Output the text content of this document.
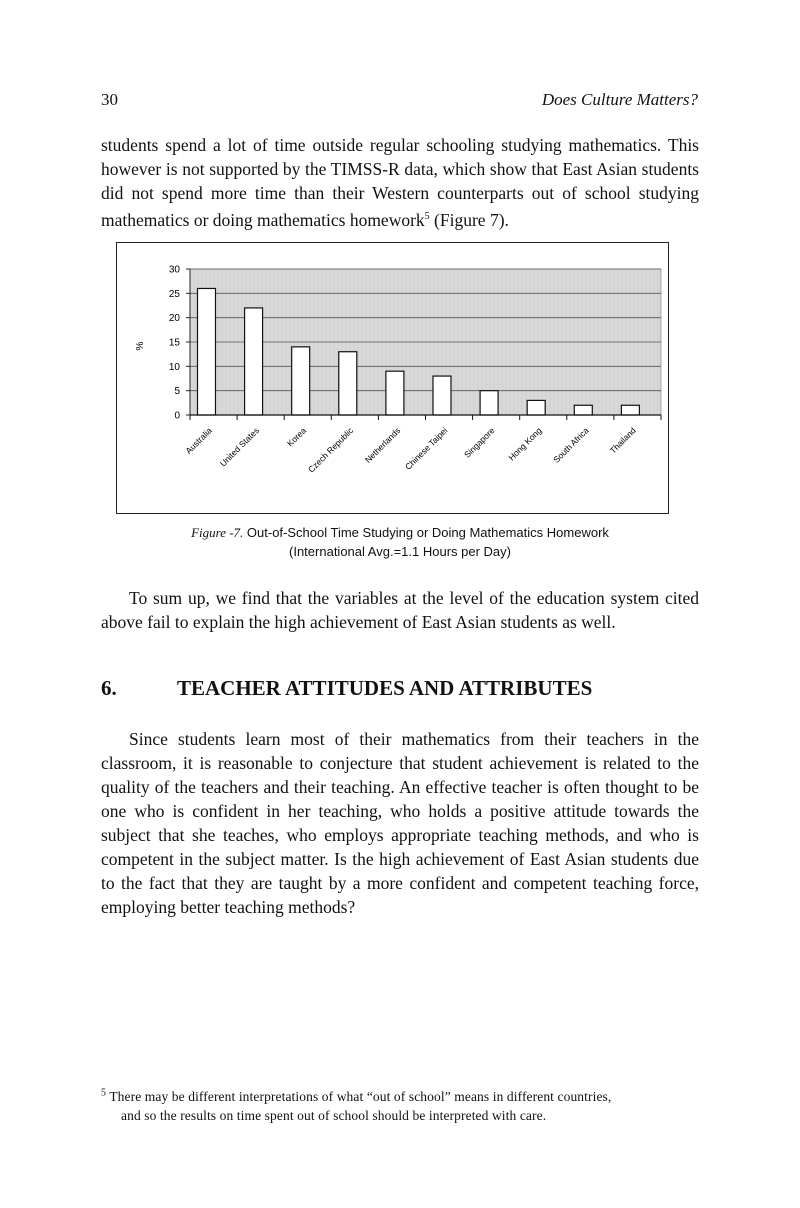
30	Does Culture Matters?

students spend a lot of time outside regular schooling studying mathematics. This however is not supported by the TIMSS-R data, which show that East Asian students did not spend more time than their Western counterparts out of school studying mathematics or doing mathematics homework$^5$ (Figure 7).

0
5
10
15
20
25
30
%
Australia United States	Korea
Czech Republic Netherlands Chinese Taipei Singapore Hong Kong South Africa Thailand
Figure -7. Out-of-School Time Studying or Doing Mathematics Homework
(International Avg.=1.1 Hours per Day)

To sum up, we find that the variables at the level of the education system cited above fail to explain the high achievement of East Asian students as well.

6.	TEACHER ATTITUDES AND ATTRIBUTES

Since students learn most of their mathematics from their teachers in the classroom, it is reasonable to conjecture that student achievement is related to the quality of the teachers and their teaching. An effective teacher is often thought to be one who is confident in her teaching, who holds a positive attitude towards the subject that she teaches, who employs appropriate teaching methods, and who is competent in the subject matter. Is the high achievement of East Asian students due to the fact that they are taught by a more confident and competent teaching force, employing better teaching methods?

$^5$ There may be different interpretations of what “out of school” means in different countries,
and so the results on time spent out of school should be interpreted with care.
